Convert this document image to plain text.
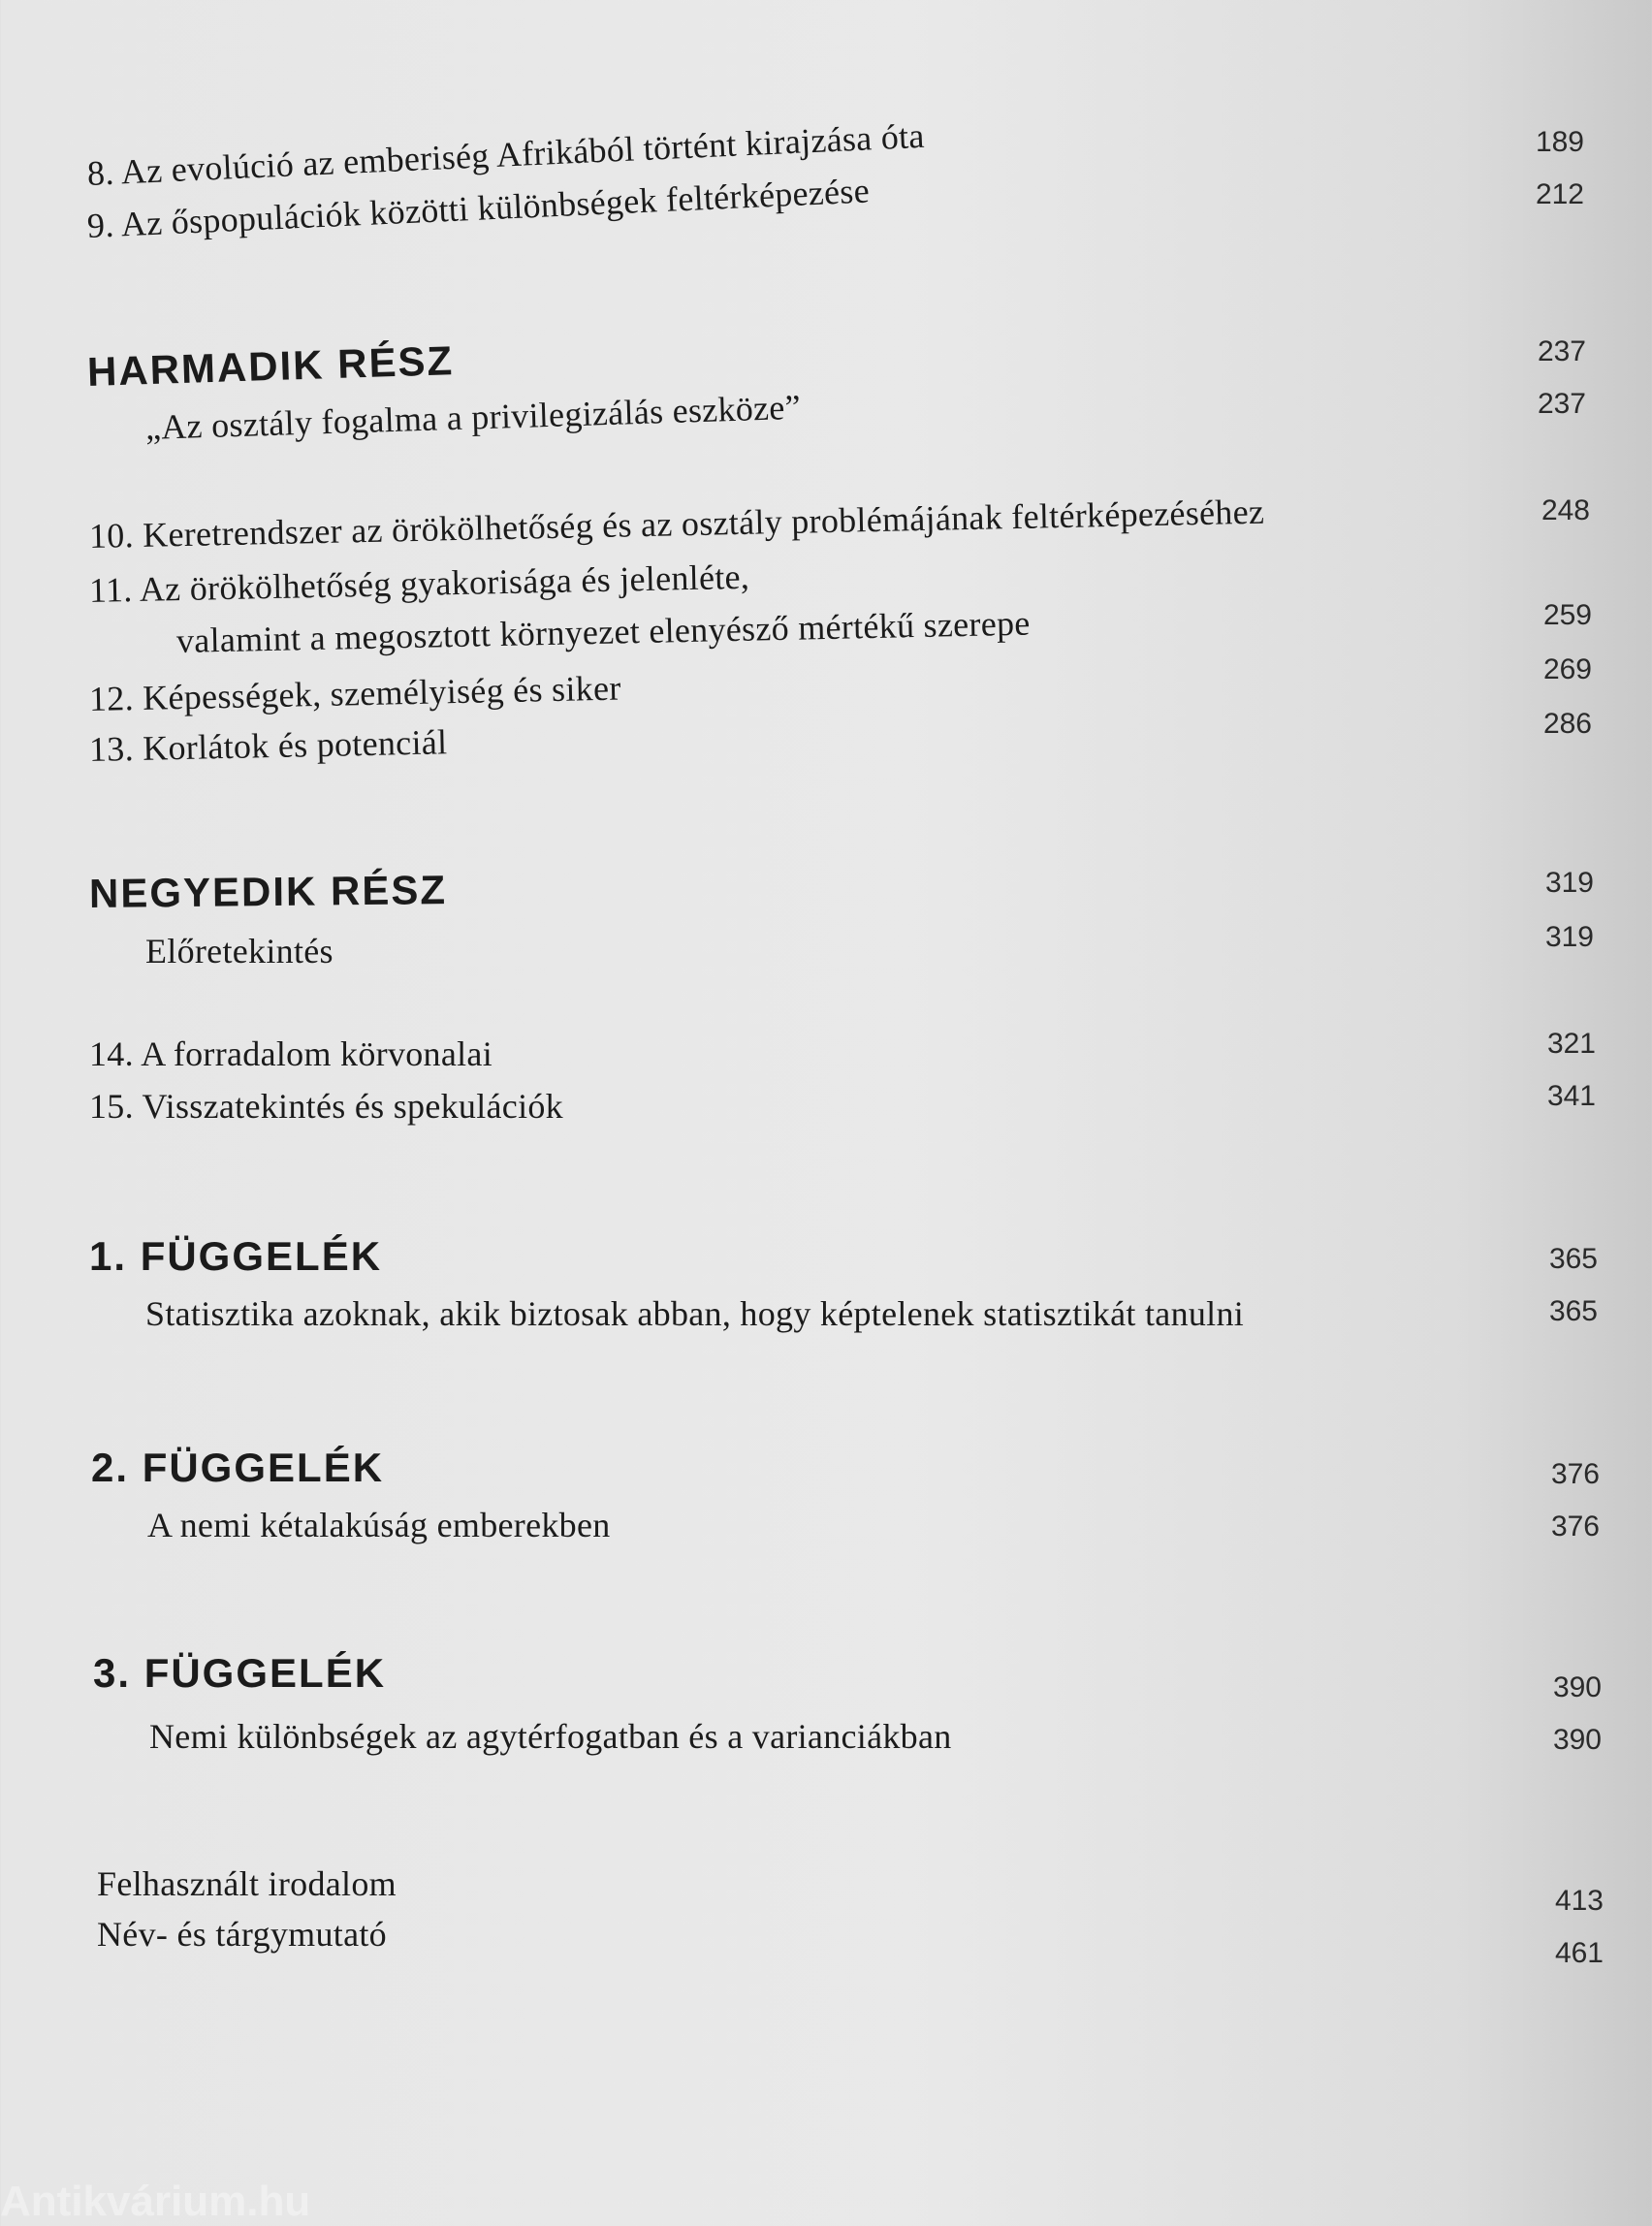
8. Az evolúció az emberiség Afrikából történt kirajzása óta	189
9. Az őspopulációk közötti különbségek feltérképezése	212
HARMADIK RÉSZ	237
„Az osztály fogalma a privilegizálás eszköze”	237
10. Keretrendszer az örökölhetőség és az osztály problémájának feltérképezéséhez	248
11. Az örökölhetőség gyakorisága és jelenléte,
valamint a megosztott környezet elenyésző mértékű szerepe	259
12. Képességek, személyiség és siker	269
13. Korlátok és potenciál	286
NEGYEDIK RÉSZ	319
Előretekintés	319
14. A forradalom körvonalai	321
15. Visszatekintés és spekulációk	341
1. FÜGGELÉK	365
Statisztika azoknak, akik biztosak abban, hogy képtelenek statisztikát tanulni	365
2. FÜGGELÉK	376
A nemi kétalakúság emberekben	376
3. FÜGGELÉK	390
Nemi különbségek az agytérfogatban és a varianciákban	390
Felhasznált irodalom	413
Név- és tárgymutató	461
Antikvárium.hu
